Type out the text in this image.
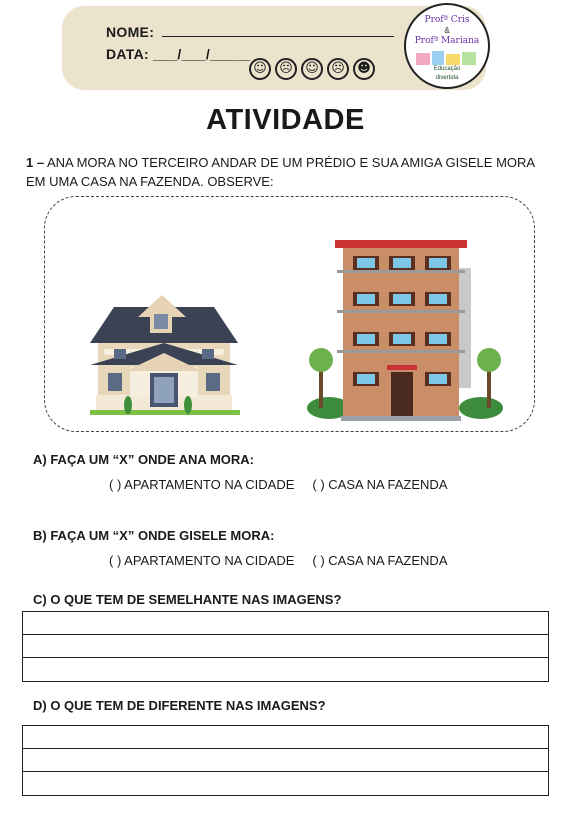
NOME:
DATA: ___/___/_____
☺ ☹ ☺ ☹ ☻
Profª Cris
&
Profª Mariana
Educação
divertida
ATIVIDADE
1 – ANA MORA NO TERCEIRO ANDAR DE UM PRÉDIO E SUA AMIGA GISELE MORA EM UMA CASA NA FAZENDA. OBSERVE:
A) FAÇA UM “X” ONDE ANA MORA:
( ) APARTAMENTO NA CIDADE ( ) CASA NA FAZENDA
B) FAÇA UM “X” ONDE GISELE MORA:
( ) APARTAMENTO NA CIDADE ( ) CASA NA FAZENDA
C) O QUE TEM DE SEMELHANTE NAS IMAGENS?
D) O QUE TEM DE DIFERENTE NAS IMAGENS?
